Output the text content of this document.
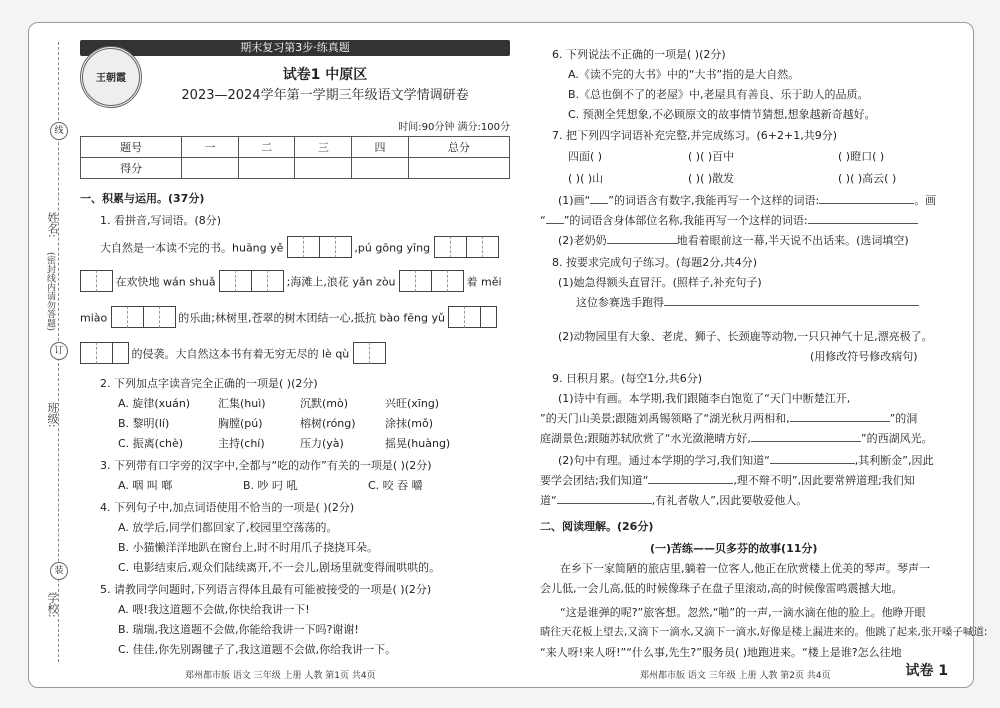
姓名:
(密封线内请勿答题)
班级:
学校:
线
订
装
期末复习第3步·练真题
王朝霞	试卷1 中原区
2023—2024学年第一学期三年级语文学情调研卷
时间:90分钟 满分:100分
题号	一	二	三	四	总分
得分					
一、积累与运用。(37分)
1. 看拼音,写词语。(8分)
大自然是一本读不完的书。huāng yě	,pú gōng yīng
在欢快地 wán shuǎ	;海滩上,浪花 yǎn zòu	着 měi
miào	的乐曲;林树里,苍翠的树木团结一心,抵抗 bào fēng yǔ
的侵袭。大自然这本书有着无穷无尽的 lè qù
2. 下列加点字读音完全正确的一项是( )(2分)
A. 旋律(xuán)	汇集(huì)	沉默(mò)	兴旺(xīng)
B. 黎明(lí)	胸膛(pú)	榕树(róng)	涂抹(mǒ)
C. 振离(chè)	主持(chí)	压力(yà)	摇晃(huàng)
3. 下列带有口字旁的汉字中,全都与“吃的动作”有关的一项是( )(2分)
A. 咽 叫 啷	B. 吵 叼 吼	C. 咬 吞 嚼
4. 下列句子中,加点词语使用不恰当的一项是( )(2分)
A. 放学后,同学们都回家了,校园里空荡荡的。
B. 小猫懒洋洋地趴在窗台上,时不时用爪子挠挠耳朵。
C. 电影结束后,观众们陆续离开,不一会儿,剧场里就变得闹哄哄的。
5. 请教同学问题时,下列语言得体且最有可能被接受的一项是( )(2分)
A. 喂!我这道题不会做,你快给我讲一下!
B. 瑞瑞,我这道题不会做,你能给我讲一下吗?谢谢!
C. 佳佳,你先别踢毽子了,我这道题不会做,你给我讲一下。
郑州都市版 语文 三年级 上册 人教 第1页 共4页
6. 下列说法不正确的一项是( )(2分)
A.《读不完的大书》中的“大书”指的是大自然。
B.《总也倒不了的老屋》中,老屋具有善良、乐于助人的品质。
C. 预测全凭想象,不必顾原文的故事情节猜想,想象越新奇越好。
7. 把下列四字词语补充完整,并完成练习。(6+2+1,共9分)
四面( )	( )( )百中	( )瞪口( )
( )( )山	( )( )散发	( )( )高云( )
(1)画“ ”的词语含有数字,我能再写一个这样的词语:	。画
“ ”的词语含身体部位名称,我能再写一个这样的词语:
(2)老奶奶	地看着眼前这一幕,半天说不出话来。(选词填空)
8. 按要求完成句子练习。(每题2分,共4分)
(1)她急得额头直冒汗。(照样子,补充句子)
这位参赛选手跑得
(2)动物园里有大象、老虎、狮子、长颈鹿等动物,一只只神气十足,漂亮极了。
(用修改符号修改病句)
9. 日积月累。(每空1分,共6分)
(1)诗中有画。本学期,我们跟随李白饱览了“天门中断楚江开,
”的天门山美景;跟随刘禹锡领略了“湖光秋月两相和,	”的洞
庭湖景色;跟随苏轼欣赏了“水光潋滟晴方好,	”的西湖风光。
(2)句中有理。通过本学期的学习,我们知道“	,其利断金”,因此
要学会团结;我们知道“	,理不辩不明”,因此要常辨道理;我们知
道“	,有礼者敬人”,因此要敬爱他人。
二、阅读理解。(26分)
(一)苦练——贝多芬的故事(11分)
在乡下一家简陋的旅店里,躺着一位客人,他正在欣赏楼上优美的琴声。琴声一
会儿低,一会儿高,低的时候像珠子在盘子里滚动,高的时候像雷鸣震撼大地。
“这是谁弹的呢?”旅客想。忽然,“啪”的一声,一滴水滴在他的脸上。他睁开眼
睛往天花板上望去,又滴下一滴水,又滴下一滴水,好像是楼上漏进来的。他跳了起来,张开嗓子喊道:
“来人呀!来人呀!”“什么事,先生?”服务员( )地跑进来。“楼上是谁?怎么往地
郑州都市版 语文 三年级 上册 人教 第2页 共4页	试卷 1
